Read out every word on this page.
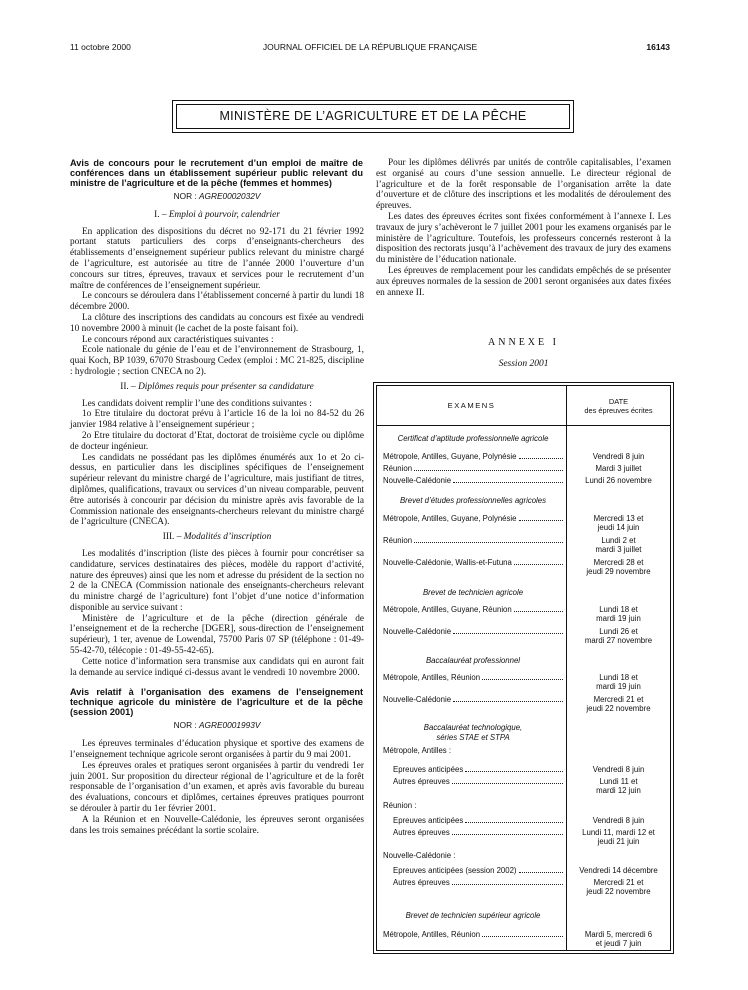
11 octobre 2000	JOURNAL OFFICIEL DE LA RÉPUBLIQUE FRANÇAISE	16143
MINISTÈRE DE L’AGRICULTURE ET DE LA PÊCHE
Avis de concours pour le recrutement d’un emploi de maître de conférences dans un établissement supérieur public relevant du ministre de l’agriculture et de la pêche (femmes et hommes)
NOR : AGRE0002032V
I. – Emploi à pourvoir, calendrier

En application des dispositions du décret no 92-171 du 21 février 1992 portant statuts particuliers des corps d’enseignants-chercheurs des établissements d’enseignement supérieur publics relevant du ministre chargé de l’agriculture, est autorisée au titre de l’année 2000 l’ouverture d’un concours sur titres, épreuves, travaux et services pour le recrutement d’un maître de conférences de l’enseignement supérieur.

Le concours se déroulera dans l’établissement concerné à partir du lundi 18 décembre 2000.

La clôture des inscriptions des candidats au concours est fixée au vendredi 10 novembre 2000 à minuit (le cachet de la poste faisant foi).

Le concours répond aux caractéristiques suivantes :

Ecole nationale du génie de l’eau et de l’environnement de Strasbourg, 1, quai Koch, BP 1039, 67070 Strasbourg Cedex (emploi : MC 21-825, discipline : hydrologie ; section CNECA no 2).

II. – Diplômes requis pour présenter sa candidature

Les candidats doivent remplir l’une des conditions suivantes :

1o Etre titulaire du doctorat prévu à l’article 16 de la loi no 84-52 du 26 janvier 1984 relative à l’enseignement supérieur ;

2o Etre titulaire du doctorat d’Etat, doctorat de troisième cycle ou diplôme de docteur ingénieur.

Les candidats ne possédant pas les diplômes énumérés aux 1o et 2o ci-dessus, en particulier dans les disciplines spécifiques de l’enseignement supérieur relevant du ministre chargé de l’agriculture, mais justifiant de titres, diplômes, qualifications, travaux ou services d’un niveau comparable, peuvent être autorisés à concourir par décision du ministre après avis favorable de la Commission nationale des enseignants-chercheurs relevant du ministre chargé de l’agriculture (CNECA).

III. – Modalités d’inscription

Les modalités d’inscription (liste des pièces à fournir pour concrétiser sa candidature, services destinataires des pièces, modèle du rapport d’activité, nature des épreuves) ainsi que les nom et adresse du président de la section no 2 de la CNECA (Commission nationale des enseignants-chercheurs relevant du ministre chargé de l’agriculture) font l’objet d’une notice d’information disponible au service suivant :

Ministère de l’agriculture et de la pêche (direction générale de l’enseignement et de la recherche [DGER], sous-direction de l’enseignement supérieur), 1 ter, avenue de Lowendal, 75700 Paris 07 SP (téléphone : 01-49-55-42-70, télécopie : 01-49-55-42-65).

Cette notice d’information sera transmise aux candidats qui en auront fait la demande au service indiqué ci-dessus avant le vendredi 10 novembre 2000.

Avis relatif à l’organisation des examens de l’enseignement technique agricole du ministère de l’agriculture et de la pêche (session 2001)
NOR : AGRE0001993V

Les épreuves terminales d’éducation physique et sportive des examens de l’enseignement technique agricole seront organisées à partir du 9 mai 2001.

Les épreuves orales et pratiques seront organisées à partir du vendredi 1er juin 2001. Sur proposition du directeur régional de l’agriculture et de la forêt responsable de l’organisation d’un examen, et après avis favorable du bureau des évaluations, concours et diplômes, certaines épreuves pratiques pourront se dérouler à partir du 1er février 2001.

A la Réunion et en Nouvelle-Calédonie, les épreuves seront organisées dans les trois semaines précédant la sortie scolaire.

Pour les diplômes délivrés par unités de contrôle capitalisables, l’examen est organisé au cours d’une session annuelle. Le directeur régional de l’agriculture et de la forêt responsable de l’organisation arrête la date d’ouverture et de clôture des inscriptions et les modalités de déroulement des épreuves.

Les dates des épreuves écrites sont fixées conformément à l’annexe I. Les travaux de jury s’achèveront le 7 juillet 2001 pour les examens organisés par le ministère de l’agriculture. Toutefois, les professeurs concernés resteront à la disposition des rectorats jusqu’à l’achèvement des travaux de jury des examens du ministère de l’éducation nationale.

Les épreuves de remplacement pour les candidats empêchés de se présenter aux épreuves normales de la session de 2001 seront organisées aux dates fixées en annexe II.

ANNEXE I
Session 2001
EXAMENS	DATE
des épreuves écrites
Certificat d’aptitude professionnelle agricole
Métropole, Antilles, Guyane, Polynésie	Vendredi 8 juin
Réunion	Mardi 3 juillet
Nouvelle-Calédonie	Lundi 26 novembre
Brevet d’études professionnelles agricoles
Métropole, Antilles, Guyane, Polynésie	Mercredi 13 et
jeudi 14 juin
Réunion	Lundi 2 et
mardi 3 juillet
Nouvelle-Calédonie, Wallis-et-Futuna	Mercredi 28 et
jeudi 29 novembre
Brevet de technicien agricole
Métropole, Antilles, Guyane, Réunion	Lundi 18 et
mardi 19 juin
Nouvelle-Calédonie	Lundi 26 et
mardi 27 novembre
Baccalauréat professionnel
Métropole, Antilles, Réunion	Lundi 18 et
mardi 19 juin
Nouvelle-Calédonie	Mercredi 21 et
jeudi 22 novembre
Baccalauréat technologique,
séries STAE et STPA
Métropole, Antilles :
Epreuves anticipées	Vendredi 8 juin
Autres épreuves	Lundi 11 et
mardi 12 juin
Réunion :
Epreuves anticipées	Vendredi 8 juin
Autres épreuves	Lundi 11, mardi 12 et
jeudi 21 juin
Nouvelle-Calédonie :
Epreuves anticipées (session 2002)	Vendredi 14 décembre
Autres épreuves	Mercredi 21 et
jeudi 22 novembre
Brevet de technicien supérieur agricole
Métropole, Antilles, Réunion	Mardi 5, mercredi 6
et jeudi 7 juin
